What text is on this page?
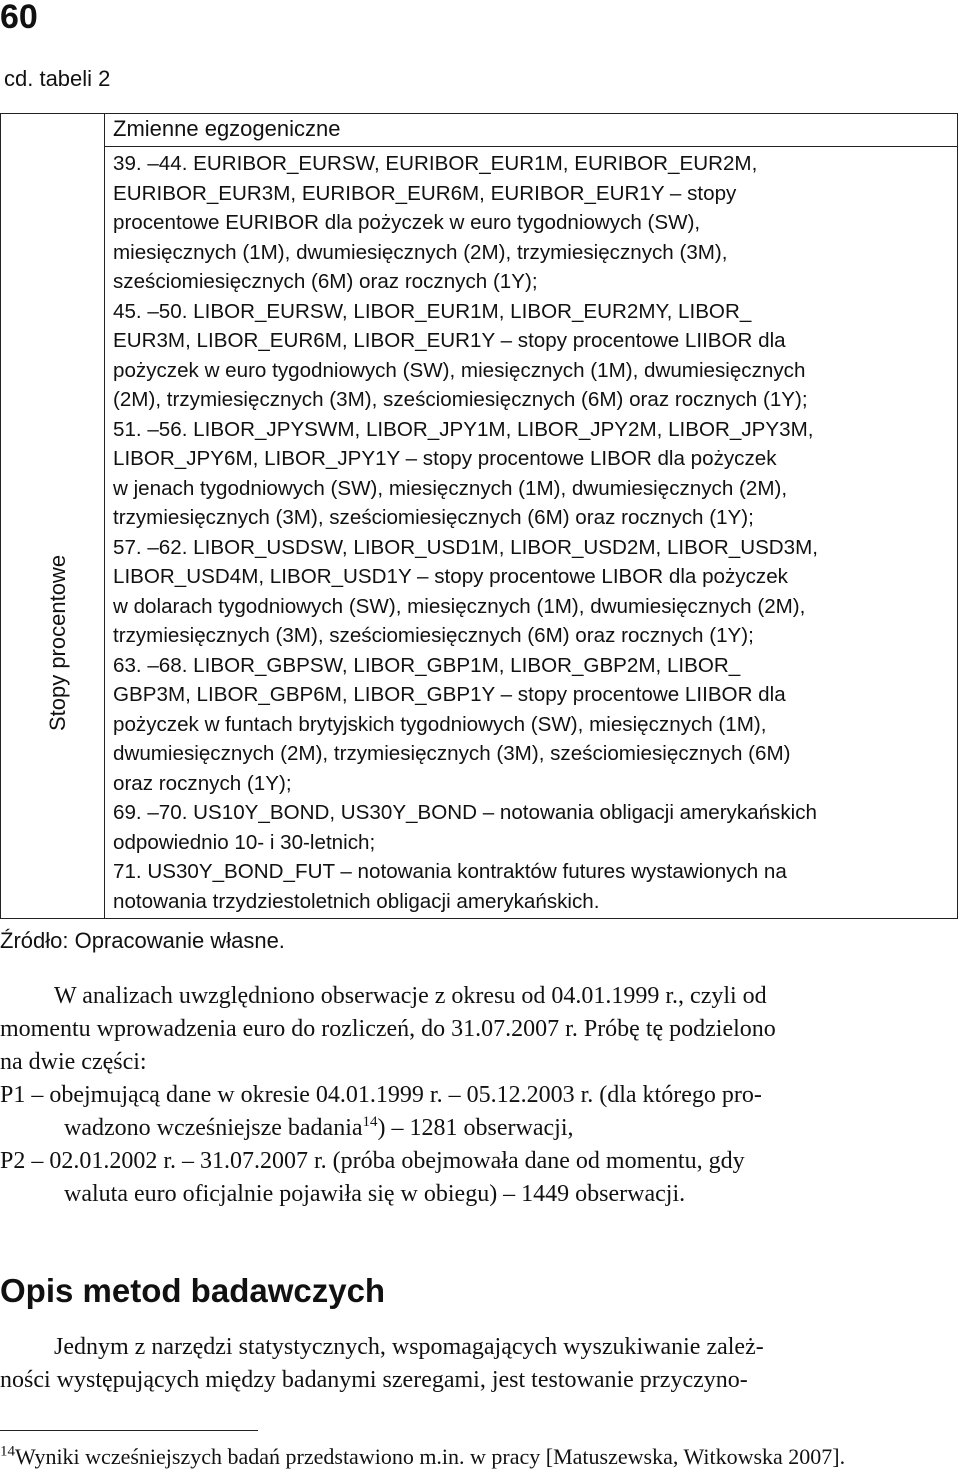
60
cd. tabeli 2
Stopy procentowe
Zmienne egzogeniczne

39. –44. EURIBOR_EURSW, EURIBOR_EUR1M, EURIBOR_EUR2M,

EURIBOR_EUR3M, EURIBOR_EUR6M, EURIBOR_EUR1Y – stopy

procentowe EURIBOR dla pożyczek w euro tygodniowych (SW),

miesięcznych (1M), dwumiesięcznych (2M), trzymiesięcznych (3M),

sześciomiesięcznych (6M) oraz rocznych (1Y);

45. –50. LIBOR_EURSW, LIBOR_EUR1M, LIBOR_EUR2MY, LIBOR_

EUR3M, LIBOR_EUR6M, LIBOR_EUR1Y – stopy procentowe LIIBOR dla

pożyczek w euro tygodniowych (SW), miesięcznych (1M), dwumiesięcznych

(2M), trzymiesięcznych (3M), sześciomiesięcznych (6M) oraz rocznych (1Y);

51. –56. LIBOR_JPYSWM, LIBOR_JPY1M, LIBOR_JPY2M, LIBOR_JPY3M,

LIBOR_JPY6M, LIBOR_JPY1Y – stopy procentowe LIBOR dla pożyczek

w jenach tygodniowych (SW), miesięcznych (1M), dwumiesięcznych (2M),

trzymiesięcznych (3M), sześciomiesięcznych (6M) oraz rocznych (1Y);

57. –62. LIBOR_USDSW, LIBOR_USD1M, LIBOR_USD2M, LIBOR_USD3M,

LIBOR_USD4M, LIBOR_USD1Y – stopy procentowe LIBOR dla pożyczek

w dolarach tygodniowych (SW), miesięcznych (1M), dwumiesięcznych (2M),

trzymiesięcznych (3M), sześciomiesięcznych (6M) oraz rocznych (1Y);

63. –68. LIBOR_GBPSW, LIBOR_GBP1M, LIBOR_GBP2M, LIBOR_

GBP3M, LIBOR_GBP6M, LIBOR_GBP1Y – stopy procentowe LIIBOR dla

pożyczek w funtach brytyjskich tygodniowych (SW), miesięcznych (1M),

dwumiesięcznych (2M), trzymiesięcznych (3M), sześciomiesięcznych (6M)

oraz rocznych (1Y);

69. –70. US10Y_BOND, US30Y_BOND – notowania obligacji amerykańskich

odpowiednio 10- i 30-letnich;

71. US30Y_BOND_FUT – notowania kontraktów futures wystawionych na

notowania trzydziestoletnich obligacji amerykańskich.

Źródło: Opracowanie własne.
W analizach uwzględniono obserwacje z okresu od 04.01.1999 r., czyli od
momentu wprowadzenia euro do rozliczeń, do 31.07.2007 r. Próbę tę podzielono
na dwie części:
P1 – obejmującą dane w okresie 04.01.1999 r. – 05.12.2003 r. (dla którego pro-
wadzono wcześniejsze badania$^{14}$) – 1281 obserwacji,
P2 – 02.01.2002 r. – 31.07.2007 r. (próba obejmowała dane od momentu, gdy
waluta euro oficjalnie pojawiła się w obiegu) – 1449 obserwacji.
Opis metod badawczych
Jednym z narzędzi statystycznych, wspomagających wyszukiwanie zależ-
ności występujących między badanymi szeregami, jest testowanie przyczyno-
$^{14}$Wyniki wcześniejszych badań przedstawiono m.in. w pracy [Matuszewska, Witkowska 2007].
